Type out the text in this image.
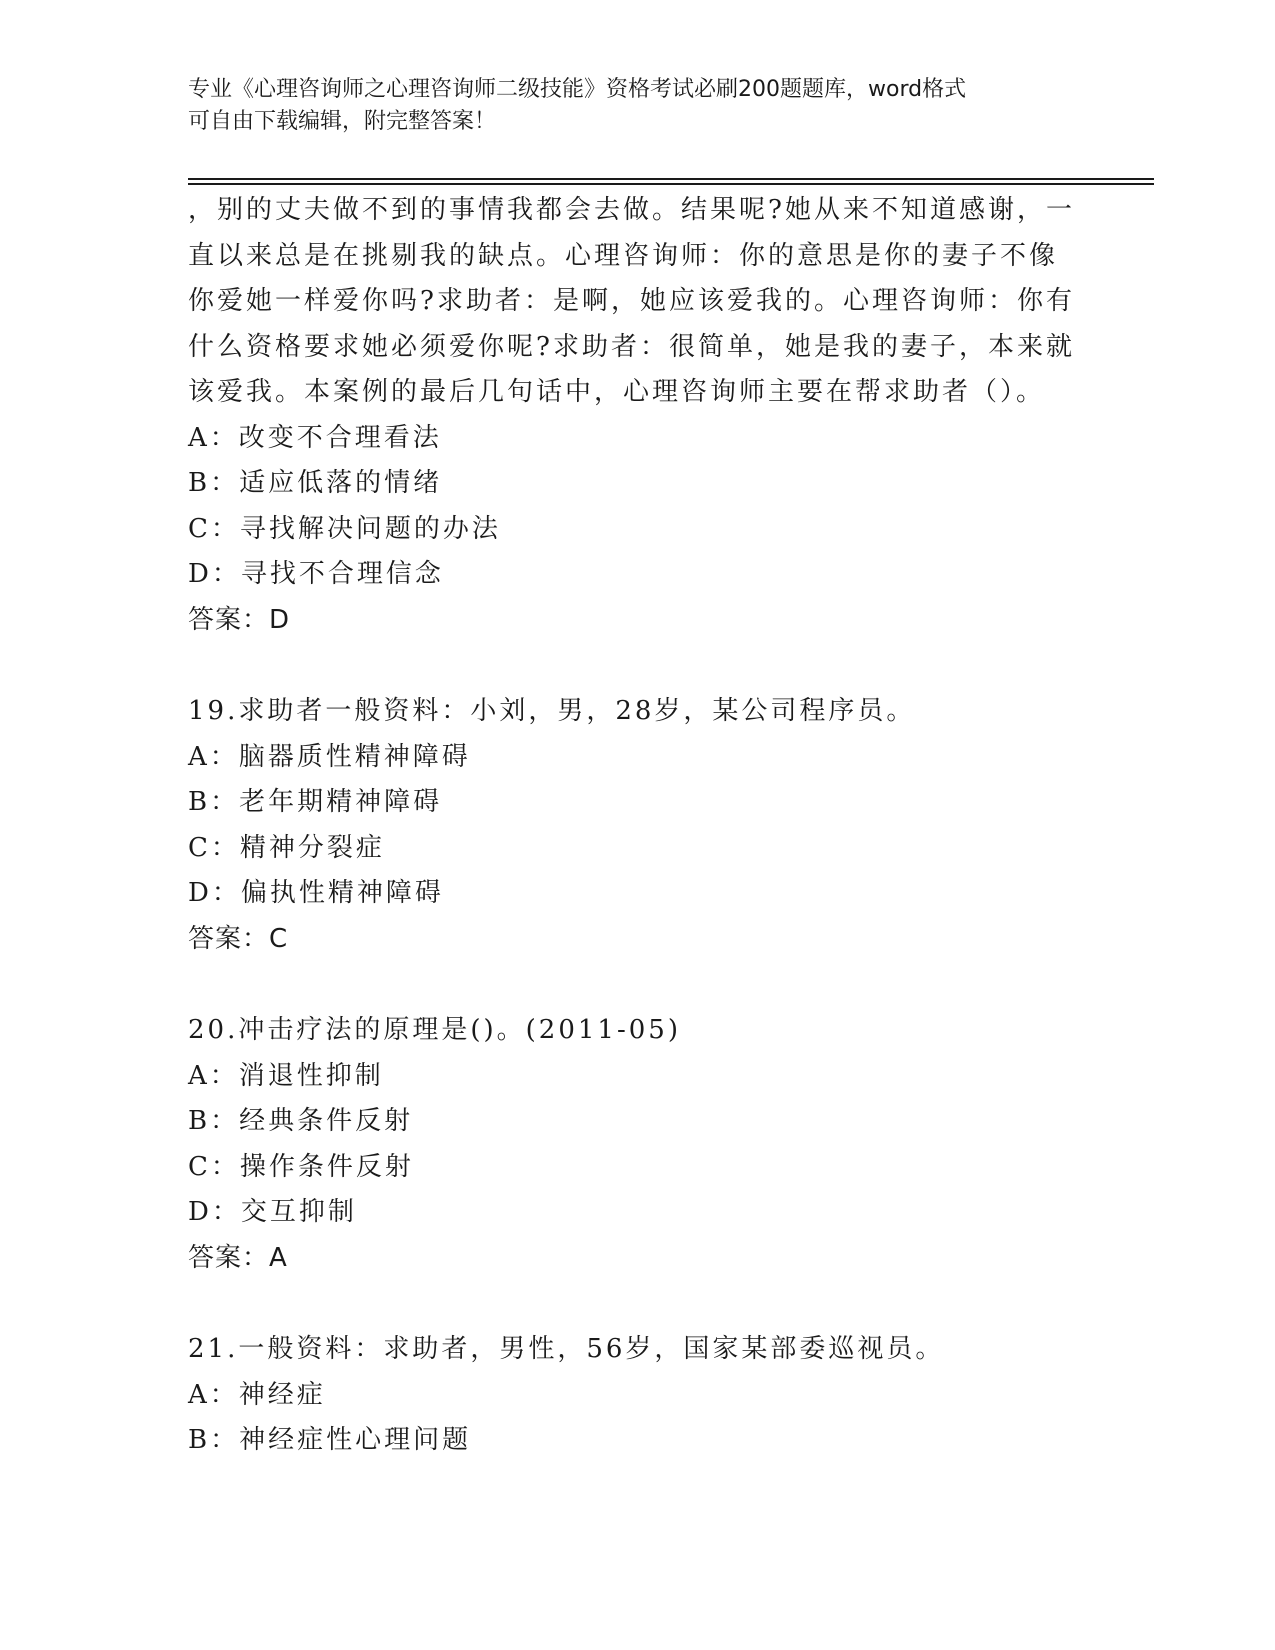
专业《心理咨询师之心理咨询师二级技能》资格考试必刷200题题库，word格式
可自由下载编辑，附完整答案！
，别的丈夫做不到的事情我都会去做。结果呢?她从来不知道感谢，一
直以来总是在挑剔我的缺点。心理咨询师：你的意思是你的妻子不像
你爱她一样爱你吗?求助者：是啊，她应该爱我的。心理咨询师：你有
什么资格要求她必须爱你呢?求助者：很简单，她是我的妻子，本来就
该爱我。本案例的最后几句话中，心理咨询师主要在帮求助者（）。
A：改变不合理看法
B：适应低落的情绪
C：寻找解决问题的办法
D：寻找不合理信念
答案：D
19.求助者一般资料：小刘，男，28岁，某公司程序员。
A：脑器质性精神障碍
B：老年期精神障碍
C：精神分裂症
D：偏执性精神障碍
答案：C
20.冲击疗法的原理是()。(2011-05)
A：消退性抑制
B：经典条件反射
C：操作条件反射
D：交互抑制
答案：A
21.一般资料：求助者，男性，56岁，国家某部委巡视员。
A：神经症
B：神经症性心理问题
